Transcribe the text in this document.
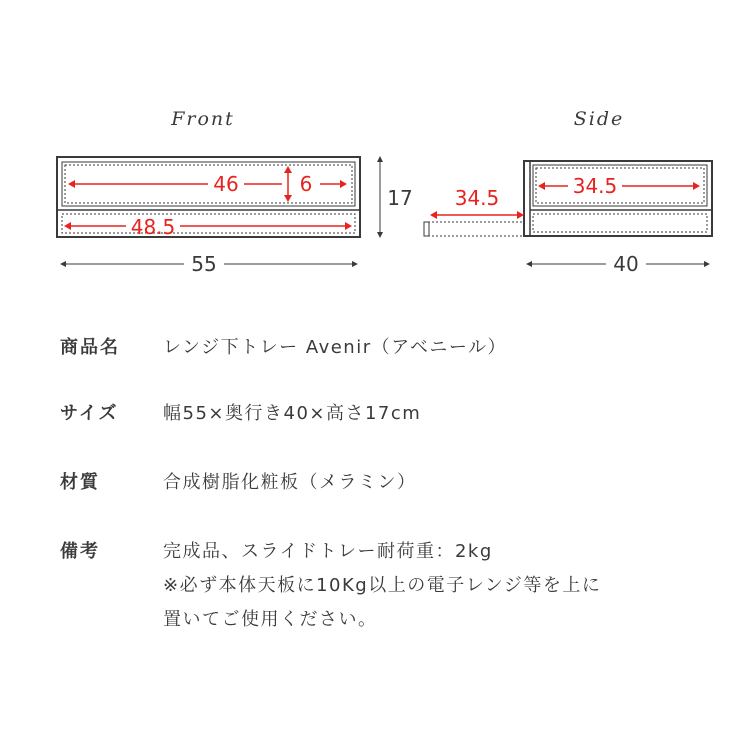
Front	Side
46	6
48.5
17
55
34.5	34.5
40
商品名 レンジ下トレー Avenir（アベニール）
サイズ 幅55×奥行き40×高さ17cm
材質	合成樹脂化粧板（メラミン）
備考	完成品、スライドトレー耐荷重：2kg
※必ず本体天板に10Kg以上の電子レンジ等を上に
置いてご使用ください。
